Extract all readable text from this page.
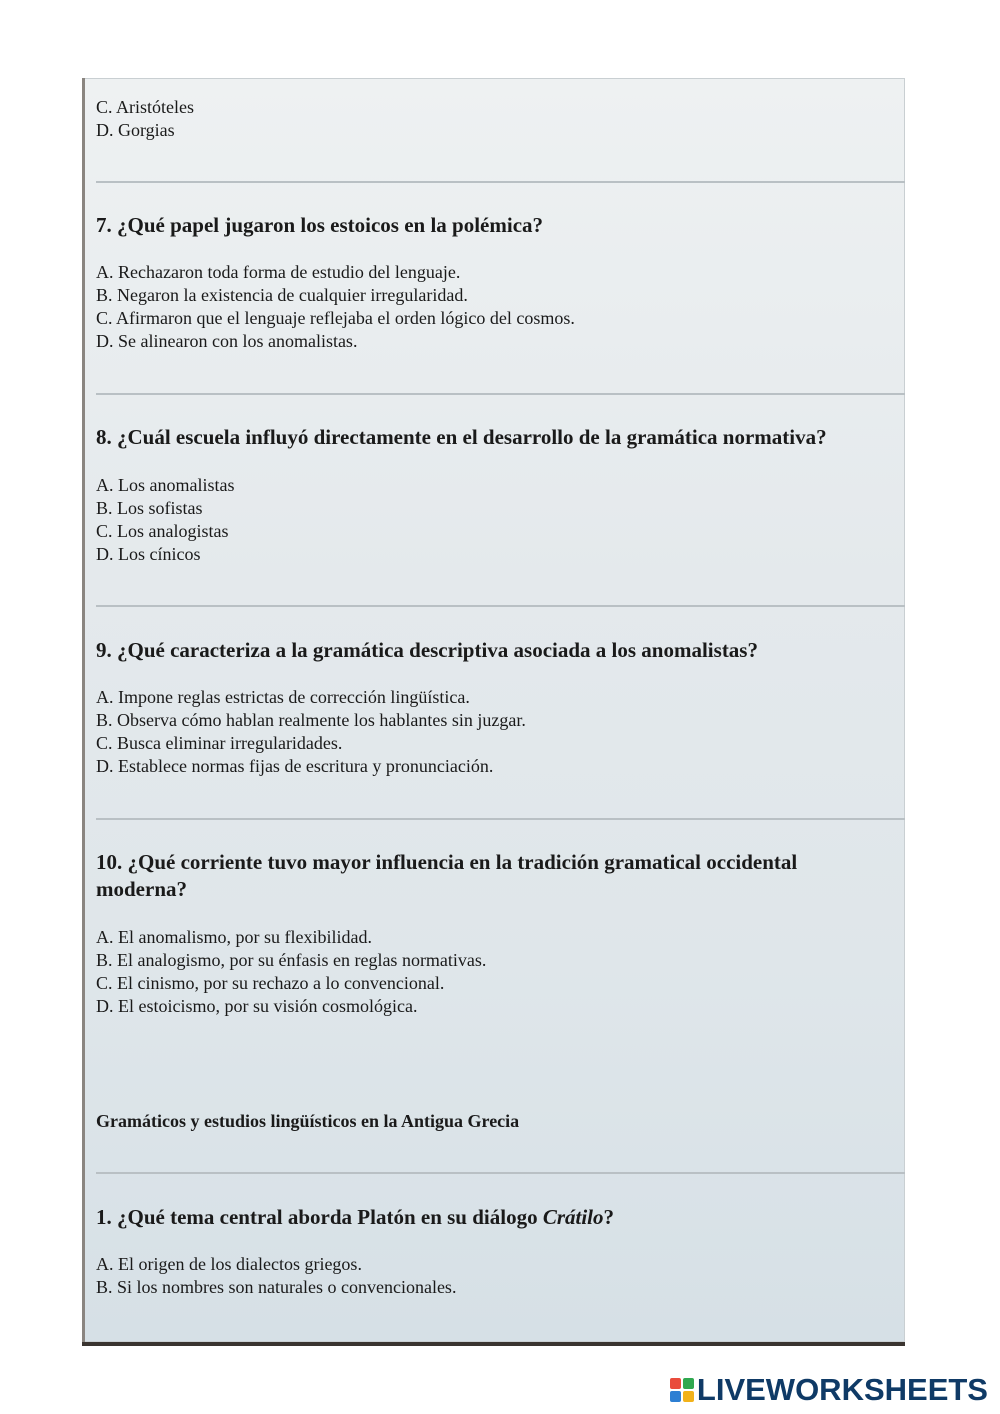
C. Aristóteles
D. Gorgias
7. ¿Qué papel jugaron los estoicos en la polémica?
A. Rechazaron toda forma de estudio del lenguaje.
B. Negaron la existencia de cualquier irregularidad.
C. Afirmaron que el lenguaje reflejaba el orden lógico del cosmos.
D. Se alinearon con los anomalistas.
8. ¿Cuál escuela influyó directamente en el desarrollo de la gramática normativa?
A. Los anomalistas
B. Los sofistas
C. Los analogistas
D. Los cínicos
9. ¿Qué caracteriza a la gramática descriptiva asociada a los anomalistas?
A. Impone reglas estrictas de corrección lingüística.
B. Observa cómo hablan realmente los hablantes sin juzgar.
C. Busca eliminar irregularidades.
D. Establece normas fijas de escritura y pronunciación.
10. ¿Qué corriente tuvo mayor influencia en la tradición gramatical occidental
moderna?
A. El anomalismo, por su flexibilidad.
B. El analogismo, por su énfasis en reglas normativas.
C. El cinismo, por su rechazo a lo convencional.
D. El estoicismo, por su visión cosmológica.
Gramáticos y estudios lingüísticos en la Antigua Grecia
1. ¿Qué tema central aborda Platón en su diálogo Crátilo?
A. El origen de los dialectos griegos.
B. Si los nombres son naturales o convencionales.
LIVEWORKSHEETS
